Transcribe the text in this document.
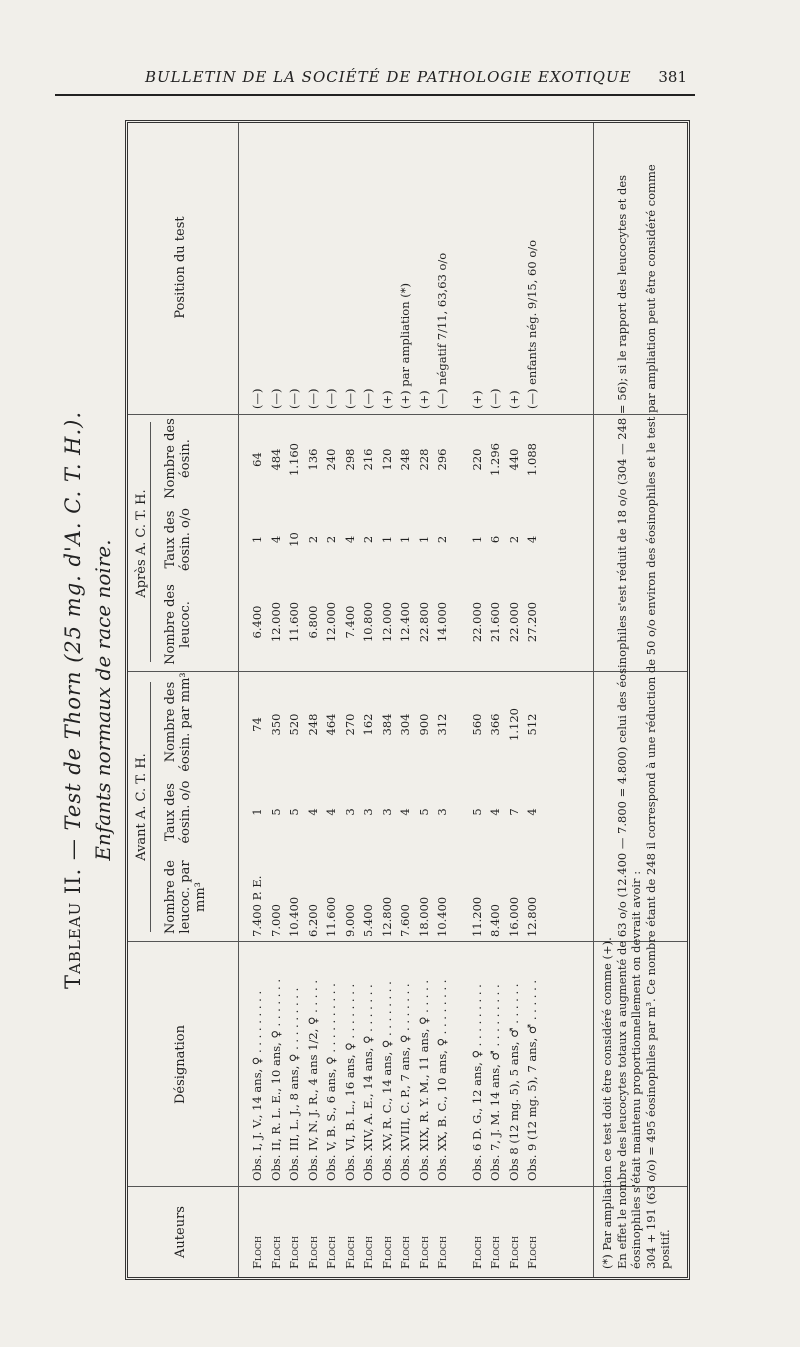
BULLETIN DE LA SOCIÉTÉ DE PATHOLOGIE EXOTIQUE 381
Tableau II. — Test de Thorn (25 mg. d'A. C. T. H.). Enfants normaux de race noire.
Auteurs
Désignation
Avant A. C. T. H.
Après A. C. T. H.
Nombre de leucoc. par mm³
Taux des éosin. o/o
Nombre des éosin. par mm³
Nombre des leucoc.
Taux des éosin. o/o
Nombre des éosin.
Position du test
Floch
Obs. I, J. V., 14 ans, ♀ . . . . . . . . .
7.400 P. E.
1
74
6.400
1
64
(—)
Floch
Obs. II, R. L. E., 10 ans, ♀ . . . . . . .
7.000
5
350
12.000
4
484
(—)
Floch
Obs. III, L. J., 8 ans, ♀ . . . . . . . . .
10.400
5
520
11.600
10
1.160
(—)
Floch
Obs. IV, N. J. R., 4 ans 1/2, ♀ . . . . .
6.200
4
248
6.800
2
136
(—)
Floch
Obs. V, B. S., 6 ans, ♀ . . . . . . . . . .
11.600
4
464
12.000
2
240
(—)
Floch
Obs. VI, B. L., 16 ans, ♀ . . . . . . . .
9.000
3
270
7.400
4
298
(—)
Floch
Obs. XIV, A. E., 14 ans, ♀ . . . . . . .
5.400
3
162
10.800
2
216
(—)
Floch
Obs. XV, R. C., 14 ans, ♀ . . . . . . . .
12.800
3
384
12.000
1
120
(+)
Floch
Obs. XVIII, C. P., 7 ans, ♀ . . . . . . .
7.600
4
304
12.400
1
248
(+) par ampliation (*)
Floch
Obs. XIX, R. Y. M., 11 ans, ♀ . . . . .
18.000
5
900
22.800
1
228
(+)
Floch
Obs. XX, B. C., 10 ans, ♀ . . . . . . . .
10.400
3
312
14.000
2
296
(—) négatif 7/11, 63,63 o/o
Floch
Obs. 6 D. G., 12 ans, ♀ . . . . . . . . .
11.200
5
560
22.000
1
220
(+)
Floch
Obs. 7, J. M. 14 ans, ♂ . . . . . . . . .
8.400
4
366
21.600
6
1.296
(—)
Floch
Obs 8 (12 mg. 5), 5 ans, ♂ . . . . . .
16.000
7
1.120
22.000
2
440
(+)
Floch
Obs. 9 (12 mg. 5), 7 ans, ♂ . . . . . .
12.800
4
512
27.200
4
1.088
(—) enfants nég. 9/15, 60 o/o
(*) Par ampliation ce test doit être considéré comme (+). En effet le nombre des leucocytes totaux a augmenté de 63 o/o (12.400 — 7.800 = 4.800) celui des éosinophiles s'est réduit de 18 o/o (304 — 248 = 56); si le rapport des leucocytes et des éosinophiles s'était maintenu proportionnellement on devrait avoir : 304 + 191 (63 o/o) = 495 éosinophiles par m³. Ce nombre étant de 248 il correspond à une réduction de 50 o/o environ des éosinophiles et le test par ampliation peut être considéré comme positif.
